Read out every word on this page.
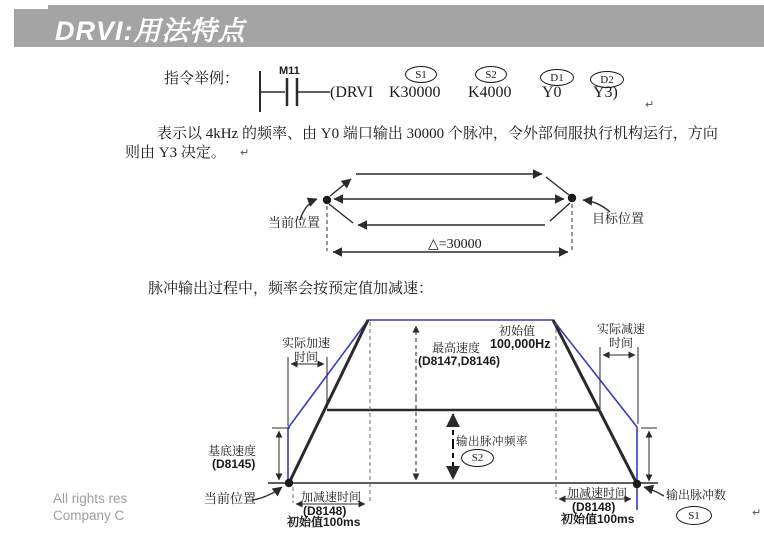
DRVI:用法特点
指令举例：	M11
(DRVI
S1	S2	D1	D2
K30000 K4000 Y0 Y3)
↵
表示以 4kHz 的频率、由 Y0 端口输出 30000 个脉冲，令外部伺服执行机构运行，方向
则由 Y3 决定。 ↵
当前位置	目标位置
△=30000
脉冲输出过程中，频率会按预定值加减速：
实际加速
时间
实际减速
时间
最高速度
(D8147,D8146)
初始值
100,000Hz
基底速度
(D8145)
输出脉冲频率
S2
当前位置	加减速时间
(D8148)
初始值100ms
加减速时间
(D8148)
初始值100ms
输出脉冲数
S1	↵
All rights res
Company C
